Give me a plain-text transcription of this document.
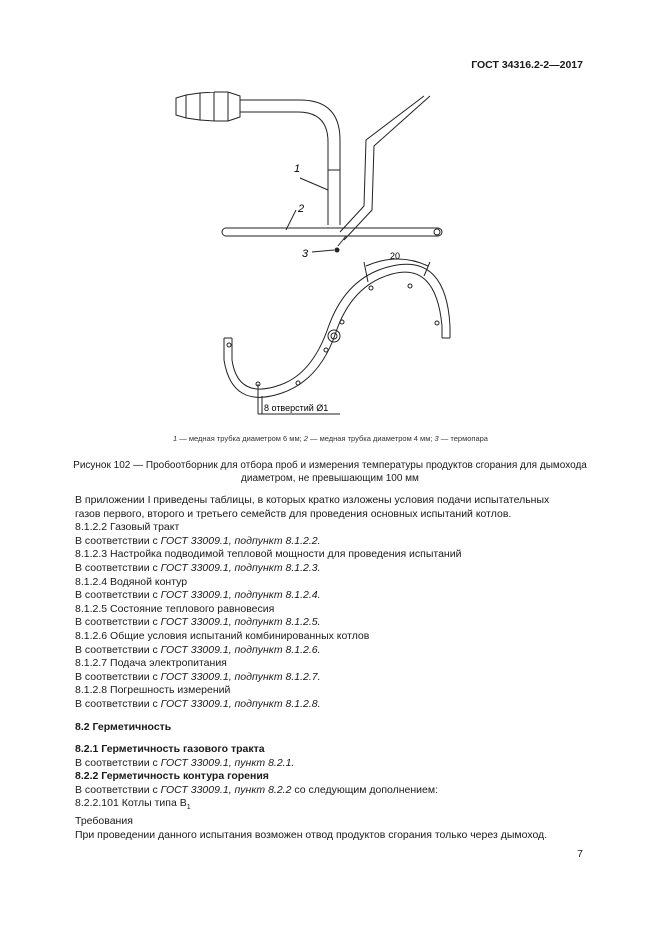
ГОСТ 34316.2-2—2017
1
2
3	20
8 отверстий Ø1
1 — медная трубка диаметром 6 мм; 2 — медная трубка диаметром 4 мм; 3 — термопара
Рисунок 102 — Пробоотборник для отбора проб и измерения температуры продуктов сгорания для дымохода
диаметром, не превышающим 100 мм

В приложении I приведены таблицы, в которых кратко изложены условия подачи испытательных

газов первого, второго и третьего семейств для проведения основных испытаний котлов.

8.1.2.2 Газовый тракт

В соответствии с ГОСТ 33009.1, подпункт 8.1.2.2.

8.1.2.3 Настройка подводимой тепловой мощности для проведения испытаний

В соответствии с ГОСТ 33009.1, подпункт 8.1.2.3.

8.1.2.4 Водяной контур

В соответствии с ГОСТ 33009.1, подпункт 8.1.2.4.

8.1.2.5 Состояние теплового равновесия

В соответствии с ГОСТ 33009.1, подпункт 8.1.2.5.

8.1.2.6 Общие условия испытаний комбинированных котлов

В соответствии с ГОСТ 33009.1, подпункт 8.1.2.6.

8.1.2.7 Подача электропитания

В соответствии с ГОСТ 33009.1, подпункт 8.1.2.7.

8.1.2.8 Погрешность измерений

В соответствии с ГОСТ 33009.1, подпункт 8.1.2.8.

8.2 Герметичность

8.2.1 Герметичность газового тракта

В соответствии с ГОСТ 33009.1, пункт 8.2.1.

8.2.2 Герметичность контура горения

В соответствии с ГОСТ 33009.1, пункт 8.2.2 со следующим дополнением:

8.2.2.101 Котлы типа $B_1$

Требования

При проведении данного испытания возможен отвод продуктов сгорания только через дымоход.

7
